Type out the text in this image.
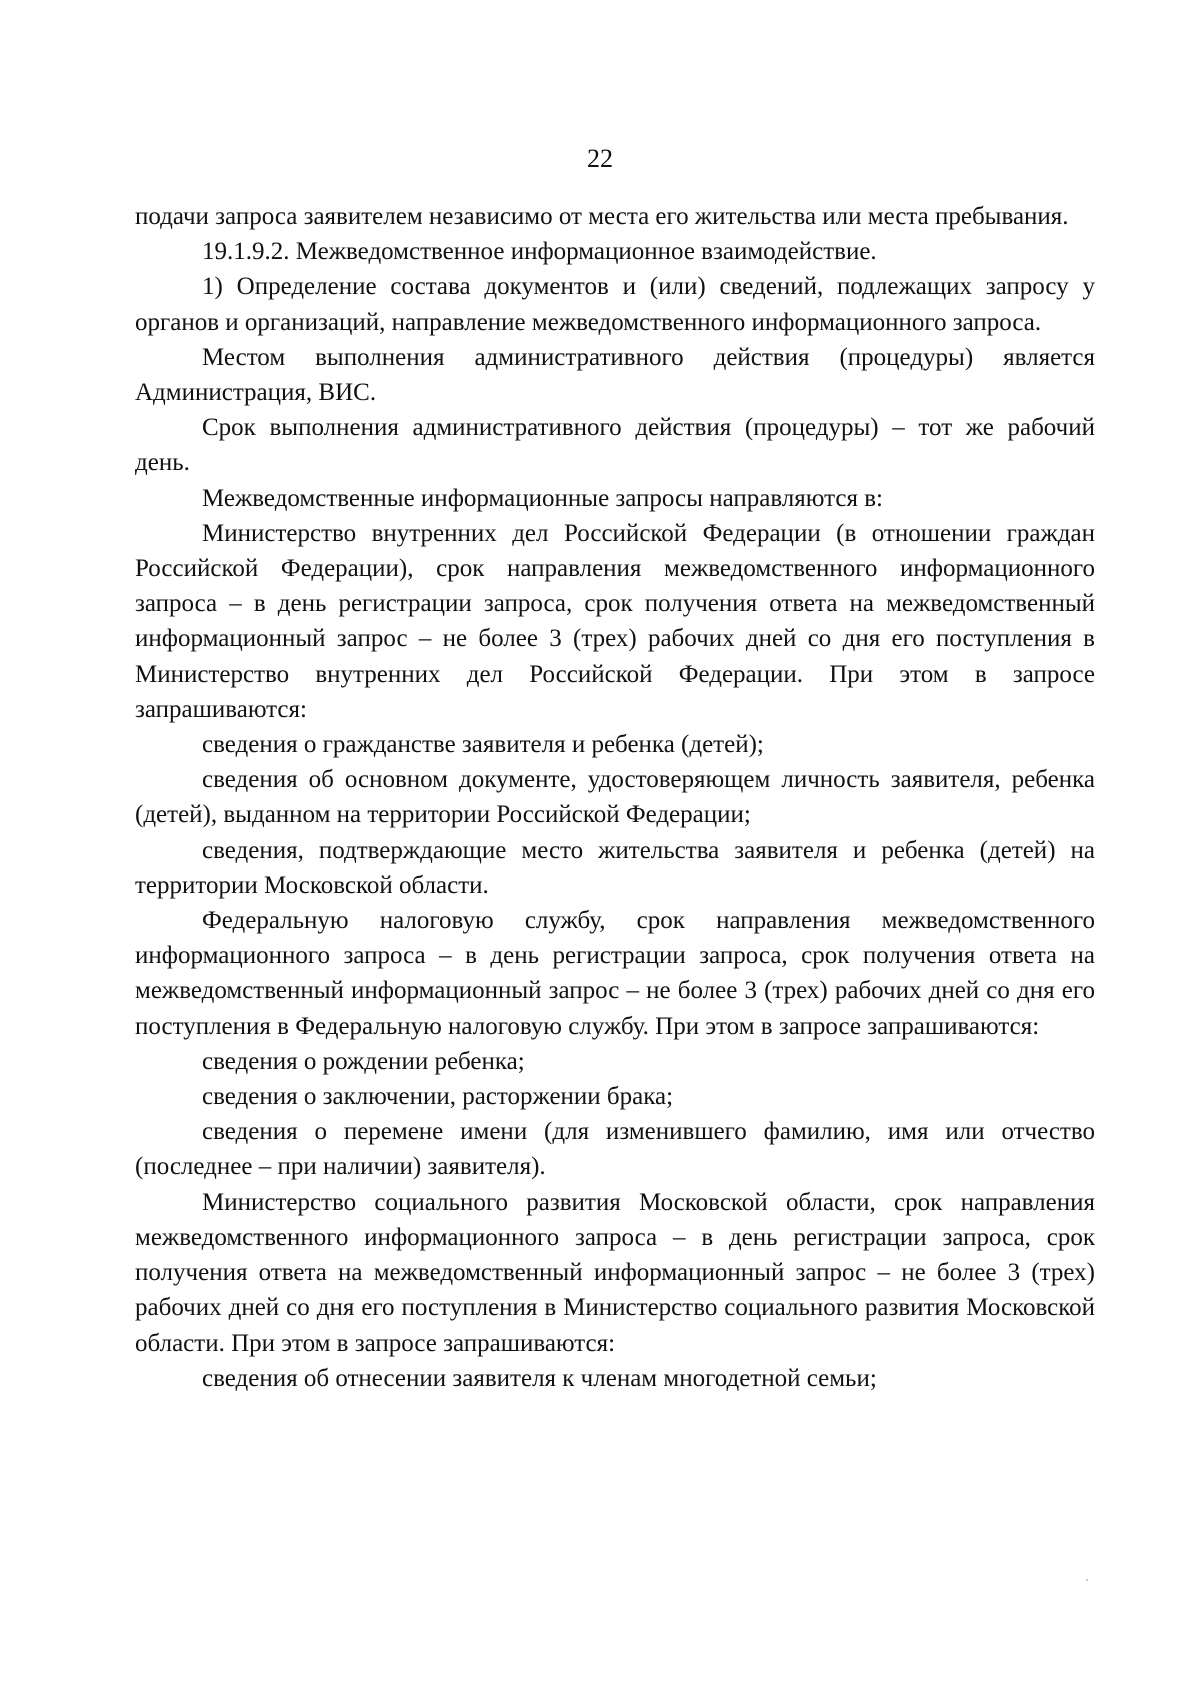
22

подачи запроса заявителем независимо от места его жительства или места пребывания.

19.1.9.2. Межведомственное информационное взаимодействие.

1) Определение состава документов и (или) сведений, подлежащих запросу у органов и организаций, направление межведомственного информационного запроса.

Местом выполнения административного действия (процедуры) является Администрация, ВИС.

Срок выполнения административного действия (процедуры) – тот же рабочий день.

Межведомственные информационные запросы направляются в:

Министерство внутренних дел Российской Федерации (в отношении граждан Российской Федерации), срок направления межведомственного информационного запроса – в день регистрации запроса, срок получения ответа на межведомственный информационный запрос – не более 3 (трех) рабочих дней со дня его поступления в Министерство внутренних дел Российской Федерации. При этом в запросе запрашиваются:

сведения о гражданстве заявителя и ребенка (детей);

сведения об основном документе, удостоверяющем личность заявителя, ребенка (детей), выданном на территории Российской Федерации;

сведения, подтверждающие место жительства заявителя и ребенка (детей) на территории Московской области.

Федеральную налоговую службу, срок направления межведомственного информационного запроса – в день регистрации запроса, срок получения ответа на межведомственный информационный запрос – не более 3 (трех) рабочих дней со дня его поступления в Федеральную налоговую службу. При этом в запросе запрашиваются:

сведения о рождении ребенка;

сведения о заключении, расторжении брака;

сведения о перемене имени (для изменившего фамилию, имя или отчество (последнее – при наличии) заявителя).

Министерство социального развития Московской области, срок направления межведомственного информационного запроса – в день регистрации запроса, срок получения ответа на межведомственный информационный запрос – не более 3 (трех) рабочих дней со дня его поступления в Министерство социального развития Московской области. При этом в запросе запрашиваются:

сведения об отнесении заявителя к членам многодетной семьи;
